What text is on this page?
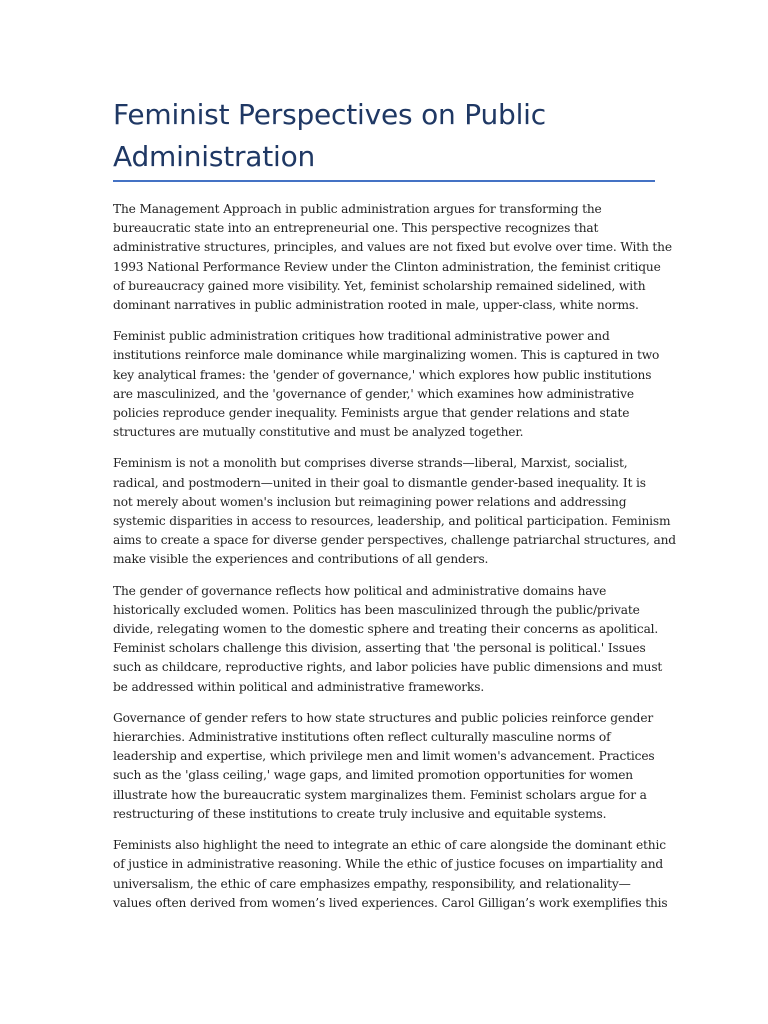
Feminist Perspectives on Public
Administration

The Management Approach in public administration argues for transforming the
bureaucratic state into an entrepreneurial one. This perspective recognizes that
administrative structures, principles, and values are not fixed but evolve over time. With the
1993 National Performance Review under the Clinton administration, the feminist critique
of bureaucracy gained more visibility. Yet, feminist scholarship remained sidelined, with
dominant narratives in public administration rooted in male, upper-class, white norms.

Feminist public administration critiques how traditional administrative power and
institutions reinforce male dominance while marginalizing women. This is captured in two
key analytical frames: the 'gender of governance,' which explores how public institutions
are masculinized, and the 'governance of gender,' which examines how administrative
policies reproduce gender inequality. Feminists argue that gender relations and state
structures are mutually constitutive and must be analyzed together.

Feminism is not a monolith but comprises diverse strands—liberal, Marxist, socialist,
radical, and postmodern—united in their goal to dismantle gender-based inequality. It is
not merely about women's inclusion but reimagining power relations and addressing
systemic disparities in access to resources, leadership, and political participation. Feminism
aims to create a space for diverse gender perspectives, challenge patriarchal structures, and
make visible the experiences and contributions of all genders.

The gender of governance reflects how political and administrative domains have
historically excluded women. Politics has been masculinized through the public/private
divide, relegating women to the domestic sphere and treating their concerns as apolitical.
Feminist scholars challenge this division, asserting that 'the personal is political.' Issues
such as childcare, reproductive rights, and labor policies have public dimensions and must
be addressed within political and administrative frameworks.

Governance of gender refers to how state structures and public policies reinforce gender
hierarchies. Administrative institutions often reflect culturally masculine norms of
leadership and expertise, which privilege men and limit women's advancement. Practices
such as the 'glass ceiling,' wage gaps, and limited promotion opportunities for women
illustrate how the bureaucratic system marginalizes them. Feminist scholars argue for a
restructuring of these institutions to create truly inclusive and equitable systems.

Feminists also highlight the need to integrate an ethic of care alongside the dominant ethic
of justice in administrative reasoning. While the ethic of justice focuses on impartiality and
universalism, the ethic of care emphasizes empathy, responsibility, and relationality—
values often derived from women’s lived experiences. Carol Gilligan’s work exemplifies this
